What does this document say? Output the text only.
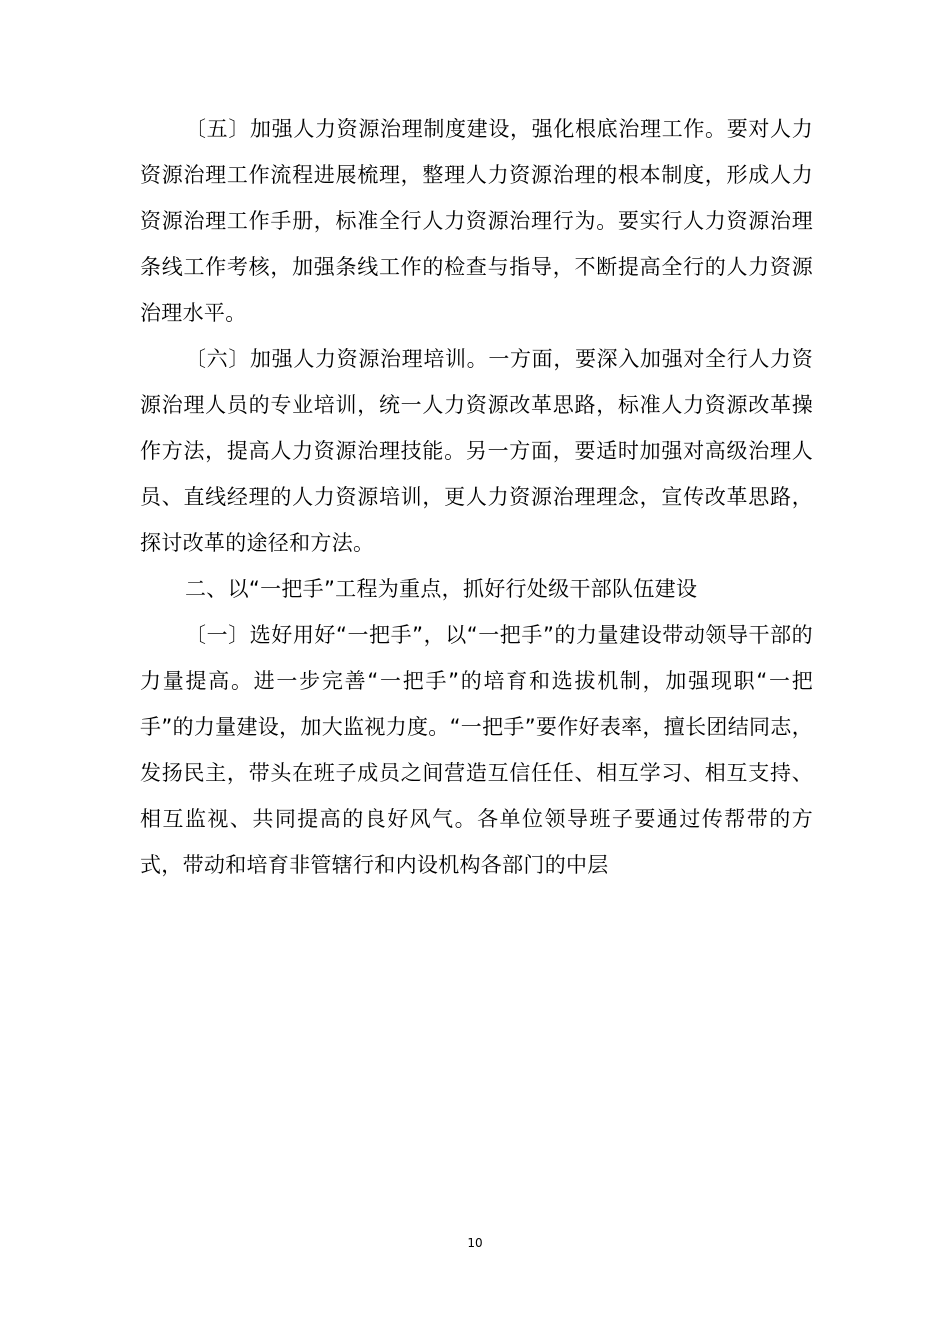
〔五〕加强人力资源治理制度建设，强化根底治理工作。要对人力资源治理工作流程进展梳理，整理人力资源治理的根本制度，形成人力资源治理工作手册，标准全行人力资源治理行为。要实行人力资源治理条线工作考核，加强条线工作的检查与指导，不断提高全行的人力资源治理水平。

〔六〕加强人力资源治理培训。一方面，要深入加强对全行人力资源治理人员的专业培训，统一人力资源改革思路，标准人力资源改革操作方法，提高人力资源治理技能。另一方面，要适时加强对高级治理人员、直线经理的人力资源培训，更人力资源治理理念，宣传改革思路，探讨改革的途径和方法。

二、以“一把手”工程为重点，抓好行处级干部队伍建设

〔一〕选好用好“一把手”，以“一把手”的力量建设带动领导干部的力量提高。进一步完善“一把手”的培育和选拔机制，加强现职“一把手”的力量建设，加大监视力度。“一把手”要作好表率，擅长团结同志，发扬民主，带头在班子成员之间营造互信任任、相互学习、相互支持、相互监视、共同提高的良好风气。各单位领导班子要通过传帮带的方式，带动和培育非管辖行和内设机构各部门的中层

10
